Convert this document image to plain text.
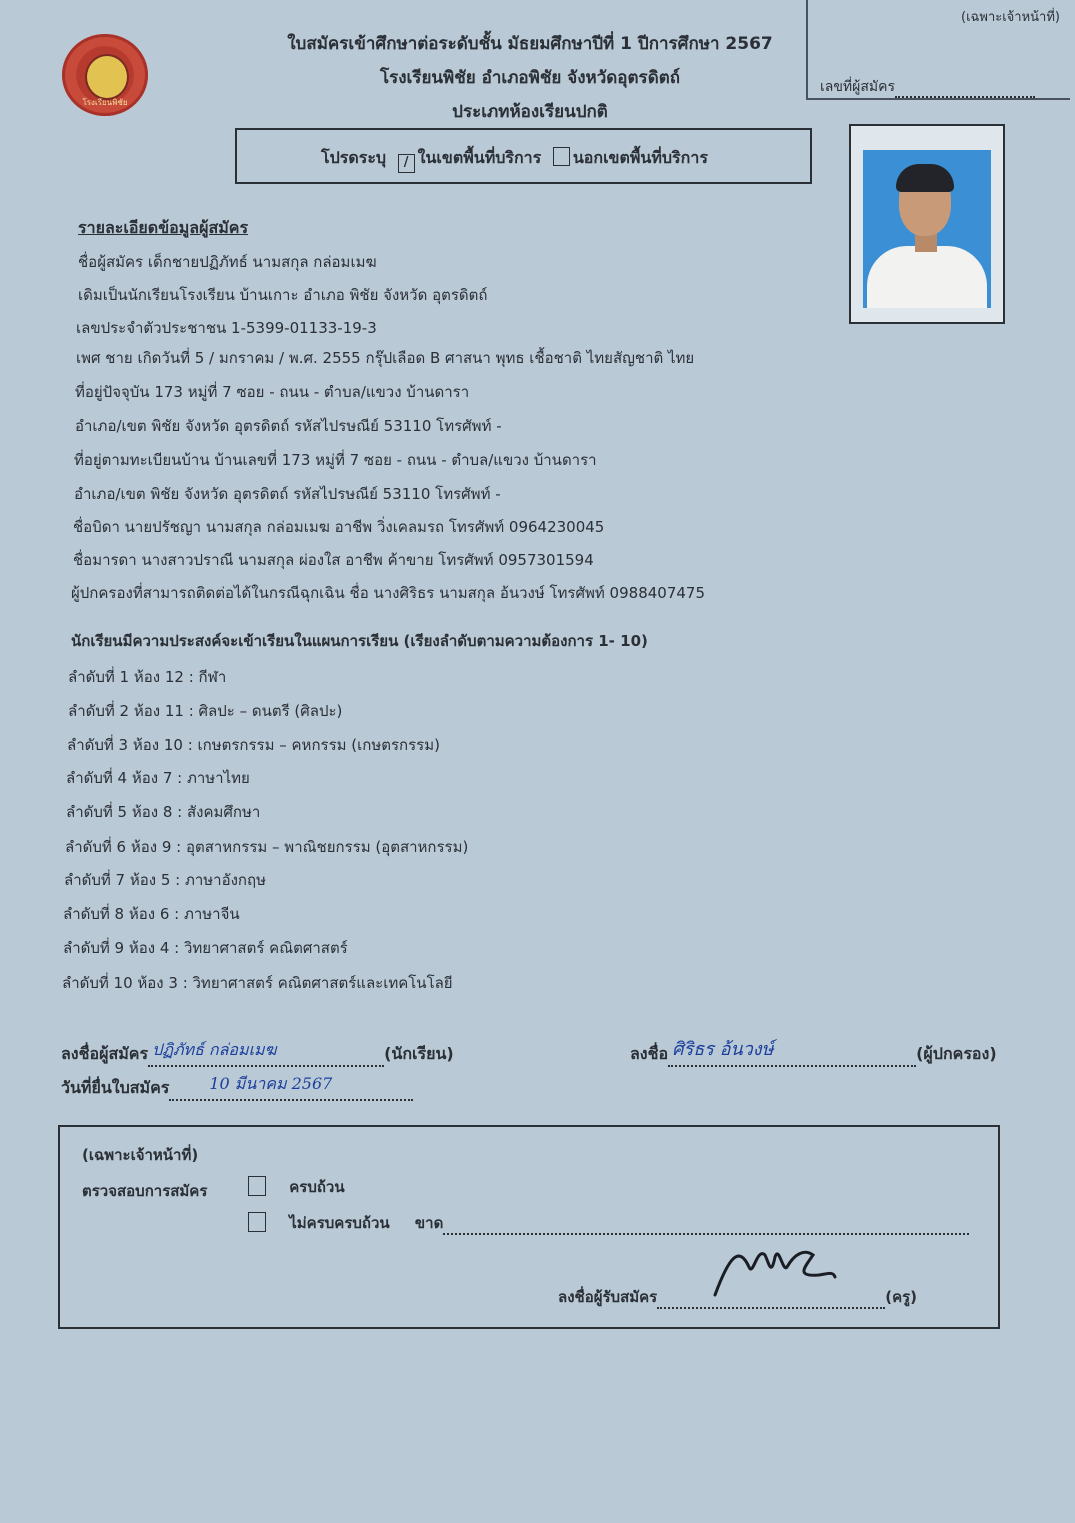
(เฉพาะเจ้าหน้าที่)
เลขที่ผู้สมัคร
โรงเรียนพิชัย
ใบสมัครเข้าศึกษาต่อระดับชั้น มัธยมศึกษาปีที่ 1 ปีการศึกษา 2567
โรงเรียนพิชัย อำเภอพิชัย จังหวัดอุตรดิตถ์
ประเภทห้องเรียนปกติ
โปรดระบุ / ในเขตพื้นที่บริการ นอกเขตพื้นที่บริการ
รายละเอียดข้อมูลผู้สมัคร
ชื่อผู้สมัคร เด็กชายปฏิภัทธ์ นามสกุล กล่อมเมฆ
เดิมเป็นนักเรียนโรงเรียน บ้านเกาะ อำเภอ พิชัย จังหวัด อุตรดิตถ์
เลขประจำตัวประชาชน 1-5399-01133-19-3
เพศ ชาย เกิดวันที่ 5 / มกราคม / พ.ศ. 2555 กรุ๊ปเลือด B ศาสนา พุทธ เชื้อชาติ ไทยสัญชาติ ไทย
ที่อยู่ปัจจุบัน 173 หมู่ที่ 7 ซอย - ถนน - ตำบล/แขวง บ้านดารา
อำเภอ/เขต พิชัย จังหวัด อุตรดิตถ์ รหัสไปรษณีย์ 53110 โทรศัพท์ -
ที่อยู่ตามทะเบียนบ้าน บ้านเลขที่ 173 หมู่ที่ 7 ซอย - ถนน - ตำบล/แขวง บ้านดารา
อำเภอ/เขต พิชัย จังหวัด อุตรดิตถ์ รหัสไปรษณีย์ 53110 โทรศัพท์ -
ชื่อบิดา นายปรัชญา นามสกุล กล่อมเมฆ อาชีพ วิ่งเคลมรถ โทรศัพท์ 0964230045
ชื่อมารดา นางสาวปราณี นามสกุล ผ่องใส อาชีพ ค้าขาย โทรศัพท์ 0957301594
ผู้ปกครองที่สามารถติดต่อได้ในกรณีฉุกเฉิน ชื่อ นางศิริธร นามสกุล อ้นวงษ์ โทรศัพท์ 0988407475
นักเรียนมีความประสงค์จะเข้าเรียนในแผนการเรียน (เรียงลำดับตามความต้องการ 1- 10)
ลำดับที่ 1 ห้อง 12 : กีฬา
ลำดับที่ 2 ห้อง 11 : ศิลปะ – ดนตรี (ศิลปะ)
ลำดับที่ 3 ห้อง 10 : เกษตรกรรม – คหกรรม (เกษตรกรรม)
ลำดับที่ 4 ห้อง 7 : ภาษาไทย
ลำดับที่ 5 ห้อง 8 : สังคมศึกษา
ลำดับที่ 6 ห้อง 9 : อุตสาหกรรม – พาณิชยกรรม (อุตสาหกรรม)
ลำดับที่ 7 ห้อง 5 : ภาษาอังกฤษ
ลำดับที่ 8 ห้อง 6 : ภาษาจีน
ลำดับที่ 9 ห้อง 4 : วิทยาศาสตร์ คณิตศาสตร์
ลำดับที่ 10 ห้อง 3 : วิทยาศาสตร์ คณิตศาสตร์และเทคโนโลยี
ลงชื่อผู้สมัคร ปฏิภัทธ์ กล่อมเมฆ	(นักเรียน)	ลงชื่อ ศิริธร อ้นวงษ์	(ผู้ปกครอง)
วันที่ยื่นใบสมัคร	10 มีนาคม 2567
(เฉพาะเจ้าหน้าที่)
ตรวจสอบการสมัคร	ครบถ้วน
ไม่ครบครบถ้วน ขาด
ลงชื่อผู้รับสมัคร	(ครู)
